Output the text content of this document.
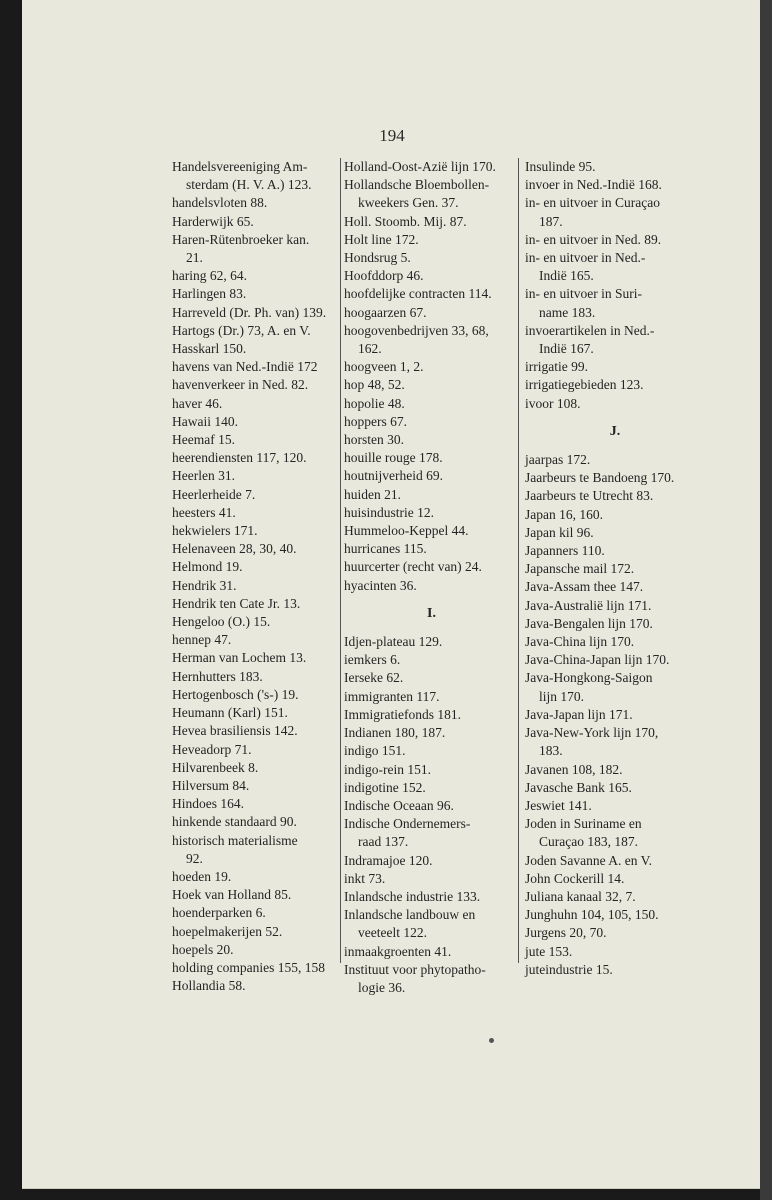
194
Handelsvereeniging Am-
sterdam (H. V. A.) 123.
handelsvloten 88.
Harderwijk 65.
Haren-Rütenbroeker kan.
21.
haring 62, 64.
Harlingen 83.
Harreveld (Dr. Ph. van) 139.
Hartogs (Dr.) 73, A. en V.
Hasskarl 150.
havens van Ned.-Indië 172
havenverkeer in Ned. 82.
haver 46.
Hawaii 140.
Heemaf 15.
heerendiensten 117, 120.
Heerlen 31.
Heerlerheide 7.
heesters 41.
hekwielers 171.
Helenaveen 28, 30, 40.
Helmond 19.
Hendrik 31.
Hendrik ten Cate Jr. 13.
Hengeloo (O.) 15.
hennep 47.
Herman van Lochem 13.
Hernhutters 183.
Hertogenbosch ('s-) 19.
Heumann (Karl) 151.
Hevea brasiliensis 142.
Heveadorp 71.
Hilvarenbeek 8.
Hilversum 84.
Hindoes 164.
hinkende standaard 90.
historisch materialisme
92.
hoeden 19.
Hoek van Holland 85.
hoenderparken 6.
hoepelmakerijen 52.
hoepels 20.
holding companies 155, 158
Hollandia 58.
Holland-Oost-Azië lijn 170.
Hollandsche Bloembollen-
kweekers Gen. 37.
Holl. Stoomb. Mij. 87.
Holt line 172.
Hondsrug 5.
Hoofddorp 46.
hoofdelijke contracten 114.
hoogaarzen 67.
hoogovenbedrijven 33, 68,
162.
hoogveen 1, 2.
hop 48, 52.
hopolie 48.
hoppers 67.
horsten 30.
houille rouge 178.
houtnijverheid 69.
huiden 21.
huisindustrie 12.
Hummeloo-Keppel 44.
hurricanes 115.
huurcerter (recht van) 24.
hyacinten 36.
I.
Idjen-plateau 129.
iemkers 6.
Ierseke 62.
immigranten 117.
Immigratiefonds 181.
Indianen 180, 187.
indigo 151.
indigo-rein 151.
indigotine 152.
Indische Oceaan 96.
Indische Ondernemers-
raad 137.
Indramajoe 120.
inkt 73.
Inlandsche industrie 133.
Inlandsche landbouw en
veeteelt 122.
inmaakgroenten 41.
Instituut voor phytopatho-
logie 36.
Insulinde 95.
invoer in Ned.-Indië 168.
in- en uitvoer in Curaçao
187.
in- en uitvoer in Ned. 89.
in- en uitvoer in Ned.-
Indië 165.
in- en uitvoer in Suri-
name 183.
invoerartikelen in Ned.-
Indië 167.
irrigatie 99.
irrigatiegebieden 123.
ivoor 108.
J.
jaarpas 172.
Jaarbeurs te Bandoeng 170.
Jaarbeurs te Utrecht 83.
Japan 16, 160.
Japan kil 96.
Japanners 110.
Japansche mail 172.
Java-Assam thee 147.
Java-Australië lijn 171.
Java-Bengalen lijn 170.
Java-China lijn 170.
Java-China-Japan lijn 170.
Java-Hongkong-Saigon
lijn 170.
Java-Japan lijn 171.
Java-New-York lijn 170,
183.
Javanen 108, 182.
Javasche Bank 165.
Jeswiet 141.
Joden in Suriname en
Curaçao 183, 187.
Joden Savanne A. en V.
John Cockerill 14.
Juliana kanaal 32, 7.
Junghuhn 104, 105, 150.
Jurgens 20, 70.
jute 153.
juteindustrie 15.
